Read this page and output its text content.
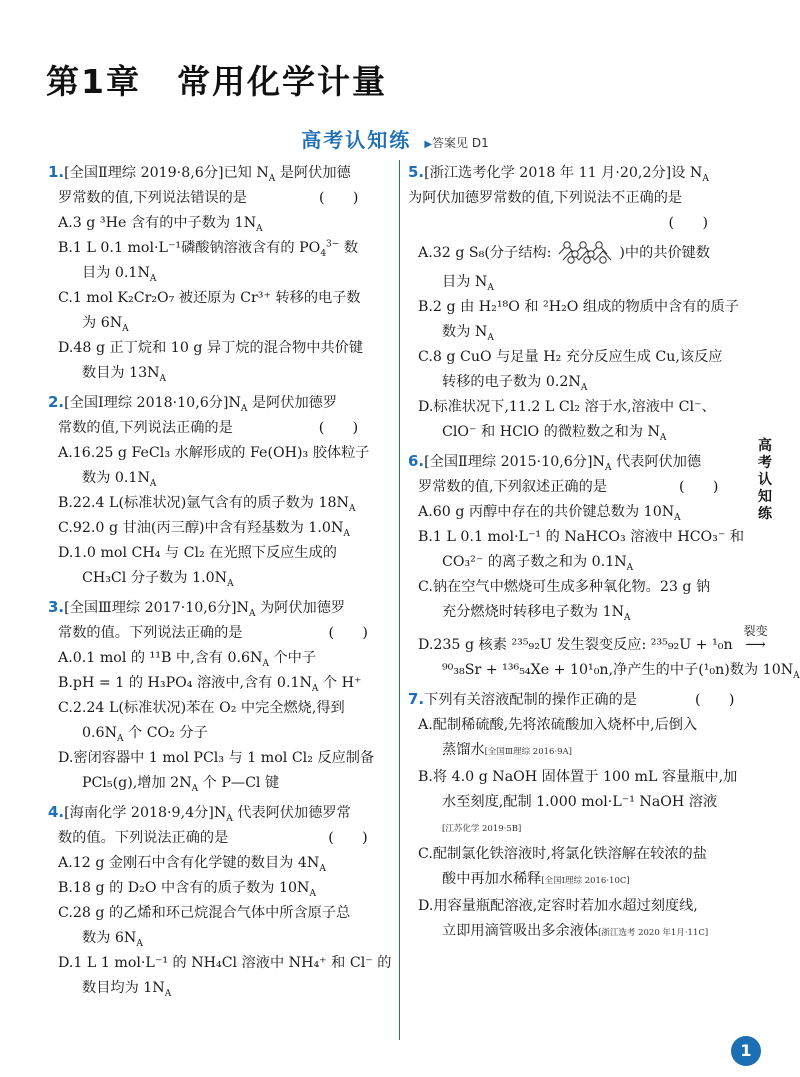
第1章 常用化学计量
高考认知练 ▶答案见 D1
1.[全国Ⅱ理综 2019·8,6分]已知 $N_A$ 是阿伏加德
罗常数的值,下列说法错误的是	(　　)
A.3 g ³He 含有的中子数为 $1N_A$
B.1 L 0.1 mol·L⁻¹磷酸钠溶液含有的 $PO_4^{3-}$ 数
目为 $0.1N_A$
C.1 mol K₂Cr₂O₇ 被还原为 Cr³⁺ 转移的电子数
为 $6N_A$
D.48 g 正丁烷和 10 g 异丁烷的混合物中共价键
数目为 $13N_A$
2.[全国Ⅰ理综 2018·10,6分]$N_A$ 是阿伏加德罗
常数的值,下列说法正确的是	(　　)
A.16.25 g FeCl₃ 水解形成的 Fe(OH)₃ 胶体粒子
数为 $0.1N_A$
B.22.4 L(标准状况)氩气含有的质子数为 $18N_A$
C.92.0 g 甘油(丙三醇)中含有羟基数为 $1.0N_A$
D.1.0 mol CH₄ 与 Cl₂ 在光照下反应生成的
CH₃Cl 分子数为 $1.0N_A$
3.[全国Ⅲ理综 2017·10,6分]$N_A$ 为阿伏加德罗
常数的值。下列说法正确的是	(　　)
A.0.1 mol 的 ¹¹B 中,含有 $0.6N_A$ 个中子
B.pH = 1 的 H₃PO₄ 溶液中,含有 $0.1N_A$ 个 H⁺
C.2.24 L(标准状况)苯在 O₂ 中完全燃烧,得到
$0.6N_A$ 个 CO₂ 分子
D.密闭容器中 1 mol PCl₃ 与 1 mol Cl₂ 反应制备
PCl₅(g),增加 $2N_A$ 个 P—Cl 键
4.[海南化学 2018·9,4分]$N_A$ 代表阿伏加德罗常
数的值。下列说法正确的是	(　　)
A.12 g 金刚石中含有化学键的数目为 $4N_A$
B.18 g 的 D₂O 中含有的质子数为 $10N_A$
C.28 g 的乙烯和环己烷混合气体中所含原子总
数为 $6N_A$
D.1 L 1 mol·L⁻¹ 的 NH₄Cl 溶液中 NH₄⁺ 和 Cl⁻ 的
数目均为 $1N_A$
5.[浙江选考化学 2018 年 11 月·20,2分]设 $N_A$
为阿伏加德罗常数的值,下列说法不正确的是
(　　)
A.32 g S₈(分子结构:	)中的共价键数
目为 $N_A$
B.2 g 由 H₂¹⁸O 和 ²H₂O 组成的物质中含有的质子
数为 $N_A$
C.8 g CuO 与足量 H₂ 充分反应生成 Cu,该反应
转移的电子数为 $0.2N_A$
D.标准状况下,11.2 L Cl₂ 溶于水,溶液中 Cl⁻、
ClO⁻ 和 HClO 的微粒数之和为 $N_A$
6.[全国Ⅱ理综 2015·10,6分]$N_A$ 代表阿伏加德
罗常数的值,下列叙述正确的是	(　　)
A.60 g 丙醇中存在的共价键总数为 $10N_A$
B.1 L 0.1 mol·L⁻¹ 的 NaHCO₃ 溶液中 HCO₃⁻ 和
CO₃²⁻ 的离子数之和为 $0.1N_A$
C.钠在空气中燃烧可生成多种氧化物。23 g 钠
充分燃烧时转移电子数为 $1N_A$
D.235 g 核素 ²³⁵₉₂U 发生裂变反应: ²³⁵₉₂U + ¹₀n
裂变
⟶
⁹⁰₃₈Sr + ¹³⁶₅₄Xe + 10¹₀n,净产生的中子(¹₀n)数为 $10N_A$
7.下列有关溶液配制的操作正确的是	(　　)
A.配制稀硫酸,先将浓硫酸加入烧杯中,后倒入
蒸馏水[全国Ⅲ理综 2016·9A]
B.将 4.0 g NaOH 固体置于 100 mL 容量瓶中,加
水至刻度,配制 1.000 mol·L⁻¹ NaOH 溶液
[江苏化学 2019·5B]
C.配制氯化铁溶液时,将氯化铁溶解在较浓的盐
酸中再加水稀释[全国Ⅰ理综 2016·10C]
D.用容量瓶配溶液,定容时若加水超过刻度线,
立即用滴管吸出多余液体[浙江选考 2020 年1月·11C]
高考认知练
1
